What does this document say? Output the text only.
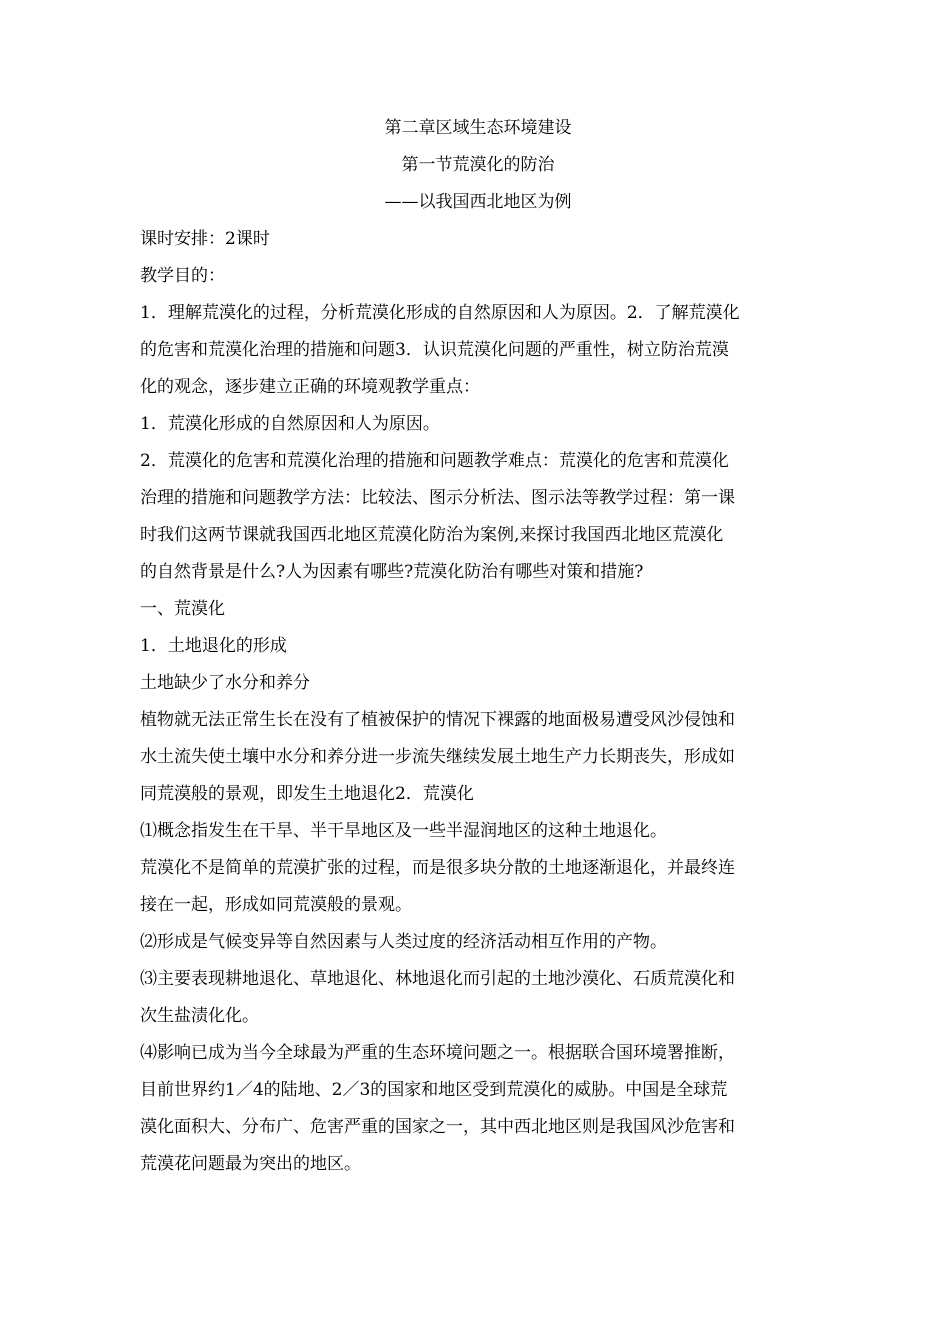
第二章区域生态环境建设
第一节荒漠化的防治
——以我国西北地区为例
课时安排：2课时
教学目的：
1．理解荒漠化的过程，分析荒漠化形成的自然原因和人为原因。2．了解荒漠化
的危害和荒漠化治理的措施和问题3．认识荒漠化问题的严重性，树立防治荒漠
化的观念，逐步建立正确的环境观教学重点：
1．荒漠化形成的自然原因和人为原因。
2．荒漠化的危害和荒漠化治理的措施和问题教学难点：荒漠化的危害和荒漠化
治理的措施和问题教学方法：比较法、图示分析法、图示法等教学过程：第一课
时我们这两节课就我国西北地区荒漠化防治为案例,来探讨我国西北地区荒漠化
的自然背景是什么?人为因素有哪些?荒漠化防治有哪些对策和措施?
一、荒漠化
1．土地退化的形成
土地缺少了水分和养分
植物就无法正常生长在没有了植被保护的情况下裸露的地面极易遭受风沙侵蚀和
水土流失使土壤中水分和养分进一步流失继续发展土地生产力长期丧失，形成如
同荒漠般的景观，即发生土地退化2．荒漠化
⑴概念指发生在干旱、半干旱地区及一些半湿润地区的这种土地退化。
荒漠化不是简单的荒漠扩张的过程，而是很多块分散的土地逐渐退化，并最终连
接在一起，形成如同荒漠般的景观。
⑵形成是气候变异等自然因素与人类过度的经济活动相互作用的产物。
⑶主要表现耕地退化、草地退化、林地退化而引起的土地沙漠化、石质荒漠化和
次生盐渍化化。
⑷影响已成为当今全球最为严重的生态环境问题之一。根据联合国环境署推断，
目前世界约1／4的陆地、2／3的国家和地区受到荒漠化的威胁。中国是全球荒
漠化面积大、分布广、危害严重的国家之一，其中西北地区则是我国风沙危害和
荒漠花问题最为突出的地区。
